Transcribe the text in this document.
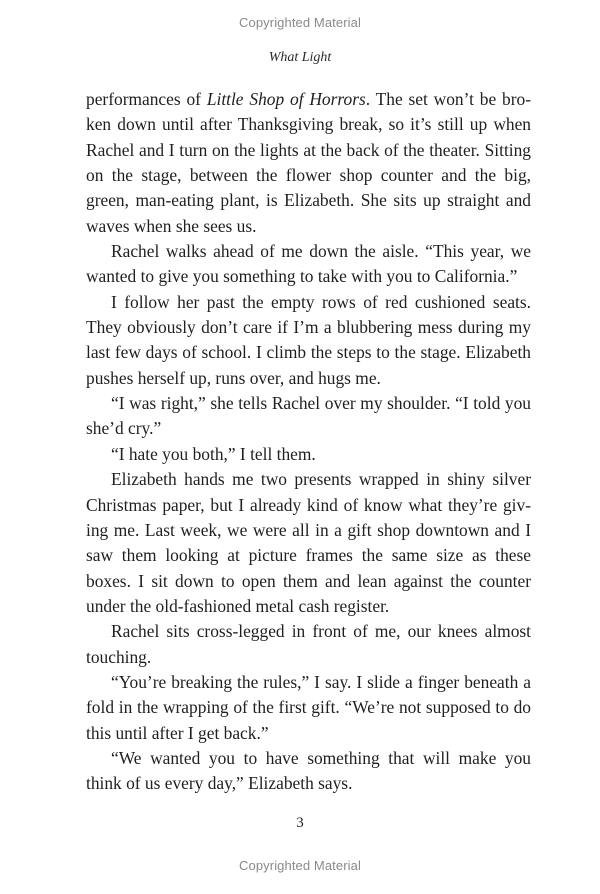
Copyrighted Material
What Light

performances of Little Shop of Horrors. The set won’t be bro-ken down until after Thanksgiving break, so it’s still up when Rachel and I turn on the lights at the back of the theater. Sitting on the stage, between the flower shop counter and the big, green, man-eating plant, is Elizabeth. She sits up straight and waves when she sees us.

Rachel walks ahead of me down the aisle. “This year, we wanted to give you something to take with you to California.”

I follow her past the empty rows of red cushioned seats. They obviously don’t care if I’m a blubbering mess during my last few days of school. I climb the steps to the stage. Elizabeth pushes herself up, runs over, and hugs me.

“I was right,” she tells Rachel over my shoulder. “I told you she’d cry.”

“I hate you both,” I tell them.

Elizabeth hands me two presents wrapped in shiny silver Christmas paper, but I already kind of know what they’re giv-ing me. Last week, we were all in a gift shop downtown and I saw them looking at picture frames the same size as these boxes. I sit down to open them and lean against the counter under the old-fashioned metal cash register.

Rachel sits cross-legged in front of me, our knees almost touching.

“You’re breaking the rules,” I say. I slide a finger beneath a fold in the wrapping of the first gift. “We’re not supposed to do this until after I get back.”

“We wanted you to have something that will make you think of us every day,” Elizabeth says.

3
Copyrighted Material
